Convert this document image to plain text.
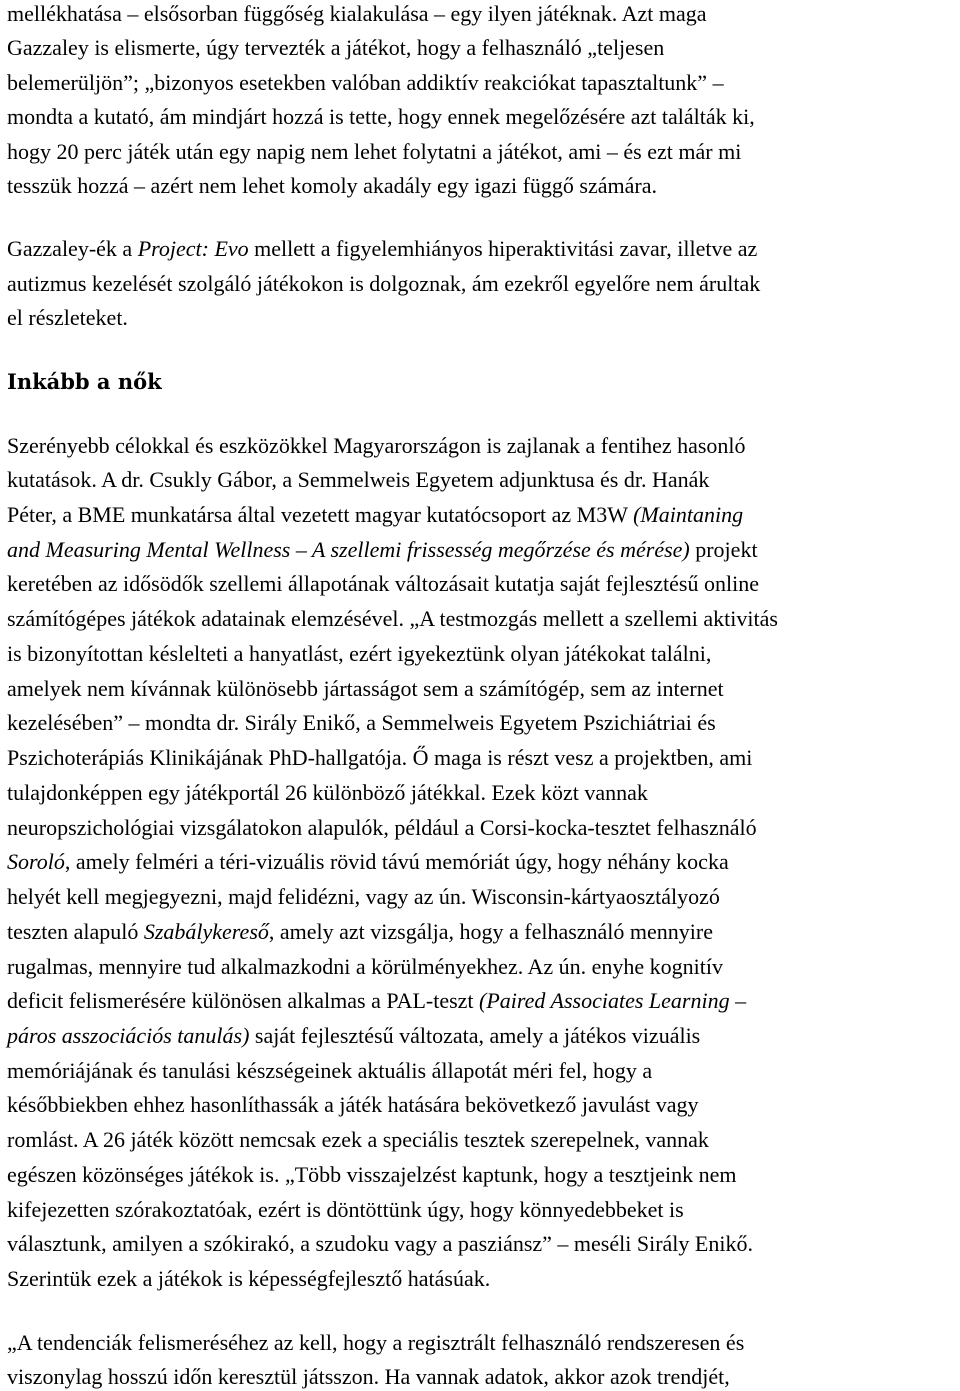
mellékhatása – elsősorban függőség kialakulása – egy ilyen játéknak. Azt maga
Gazzaley is elismerte, úgy tervezték a játékot, hogy a felhasználó „teljesen
belemerüljön”; „bizonyos esetekben valóban addiktív reakciókat tapasztaltunk” –
mondta a kutató, ám mindjárt hozzá is tette, hogy ennek megelőzésére azt találták ki,
hogy 20 perc játék után egy napig nem lehet folytatni a játékot, ami – és ezt már mi
tesszük hozzá – azért nem lehet komoly akadály egy igazi függő számára.
Gazzaley-ék a Project: Evo mellett a figyelemhiányos hiperaktivitási zavar, illetve az
autizmus kezelését szolgáló játékokon is dolgoznak, ám ezekről egyelőre nem árultak
el részleteket.
Inkább a nők
Szerényebb célokkal és eszközökkel Magyarországon is zajlanak a fentihez hasonló
kutatások. A dr. Csukly Gábor, a Semmelweis Egyetem adjunktusa és dr. Hanák
Péter, a BME munkatársa által vezetett magyar kutatócsoport az M3W (Maintaning
and Measuring Mental Wellness – A szellemi frissesség megőrzése és mérése) projekt
keretében az idősödők szellemi állapotának változásait kutatja saját fejlesztésű online
számítógépes játékok adatainak elemzésével. „A testmozgás mellett a szellemi aktivitás
is bizonyítottan késlelteti a hanyatlást, ezért igyekeztünk olyan játékokat találni,
amelyek nem kívánnak különösebb jártasságot sem a számítógép, sem az internet
kezelésében” – mondta dr. Sirály Enikő, a Semmelweis Egyetem Pszichiátriai és
Pszichoterápiás Klinikájának PhD-hallgatója. Ő maga is részt vesz a projektben, ami
tulajdonképpen egy játékportál 26 különböző játékkal. Ezek közt vannak
neuropszichológiai vizsgálatokon alapulók, például a Corsi-kocka-tesztet felhasználó
Soroló, amely felméri a téri-vizuális rövid távú memóriát úgy, hogy néhány kocka
helyét kell megjegyezni, majd felidézni, vagy az ún. Wisconsin-kártyaosztályozó
teszten alapuló Szabálykereső, amely azt vizsgálja, hogy a felhasználó mennyire
rugalmas, mennyire tud alkalmazkodni a körülményekhez. Az ún. enyhe kognitív
deficit felismerésére különösen alkalmas a PAL-teszt (Paired Associates Learning –
páros asszociációs tanulás) saját fejlesztésű változata, amely a játékos vizuális
memóriájának és tanulási készségeinek aktuális állapotát méri fel, hogy a
későbbiekben ehhez hasonlíthassák a játék hatására bekövetkező javulást vagy
romlást. A 26 játék között nemcsak ezek a speciális tesztek szerepelnek, vannak
egészen közönséges játékok is. „Több visszajelzést kaptunk, hogy a tesztjeink nem
kifejezetten szórakoztatóak, ezért is döntöttünk úgy, hogy könnyedebbeket is
választunk, amilyen a szókirakó, a szudoku vagy a pasziánsz” – meséli Sirály Enikő.
Szerintük ezek a játékok is képességfejlesztő hatásúak.
„A tendenciák felismeréséhez az kell, hogy a regisztrált felhasználó rendszeresen és
viszonylag hosszú időn keresztül játsszon. Ha vannak adatok, akkor azok trendjét,
